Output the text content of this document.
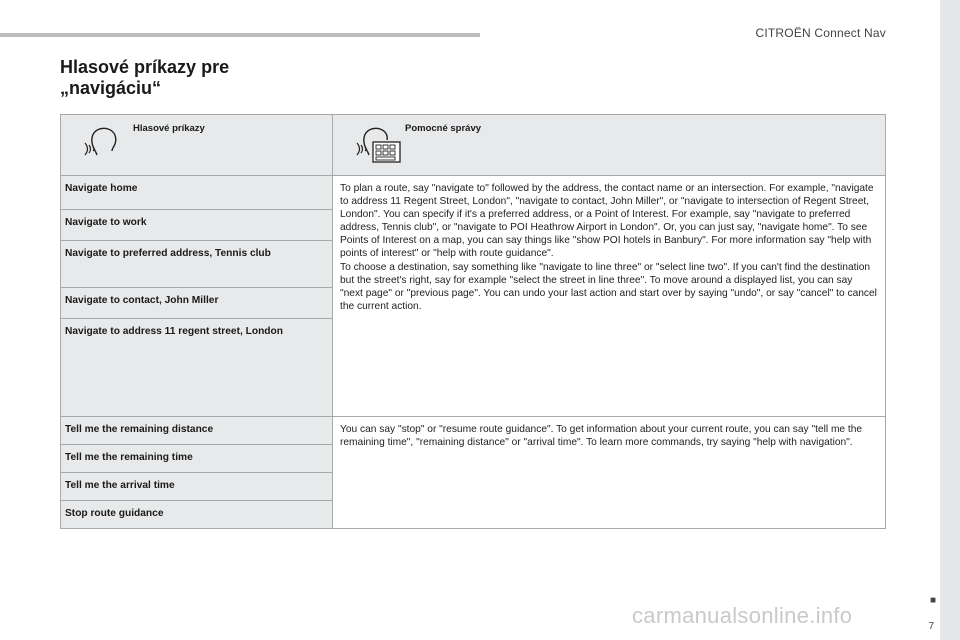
CITROËN Connect Nav
Hlasové príkazy pre
„navigáciu“
Hlasové príkazy	Pomocné správy

Navigate home	To plan a route, say "navigate to" followed by the address, the contact name or an intersection. For example, "navigate to address 11 Regent Street, London", "navigate to contact, John Miller", or "navigate to intersection of Regent Street, London". You can specify if it's a preferred address, or a Point of Interest. For example, say "navigate to preferred address, Tennis club", or "navigate to POI Heathrow Airport in London". Or, you can just say, "navigate home". To see Points of Interest on a map, you can say things like "show POI hotels in Banbury". For more information say "help with points of interest" or "help with route guidance".

To choose a destination, say something like "navigate to line three" or "select line two". If you can't find the destination but the street's right, say for example "select the street in line three". To move around a displayed list, you can say "next page" or "previous page". You can undo your last action and start over by saying "undo", or say "cancel" to cancel the current action.

Navigate to work	
Navigate to preferred address, Tennis club	
Navigate to contact, John Miller	
Navigate to address 11 regent street, London	
Tell me the remaining distance	You can say "stop" or "resume route guidance". To get information about your current route, you can say "tell me the remaining time", "remaining distance" or "arrival time". To learn more commands, try saying "help with navigation".
Tell me the remaining time	
Tell me the arrival time	
Stop route guidance	
■
7
carmanualsonline.info
